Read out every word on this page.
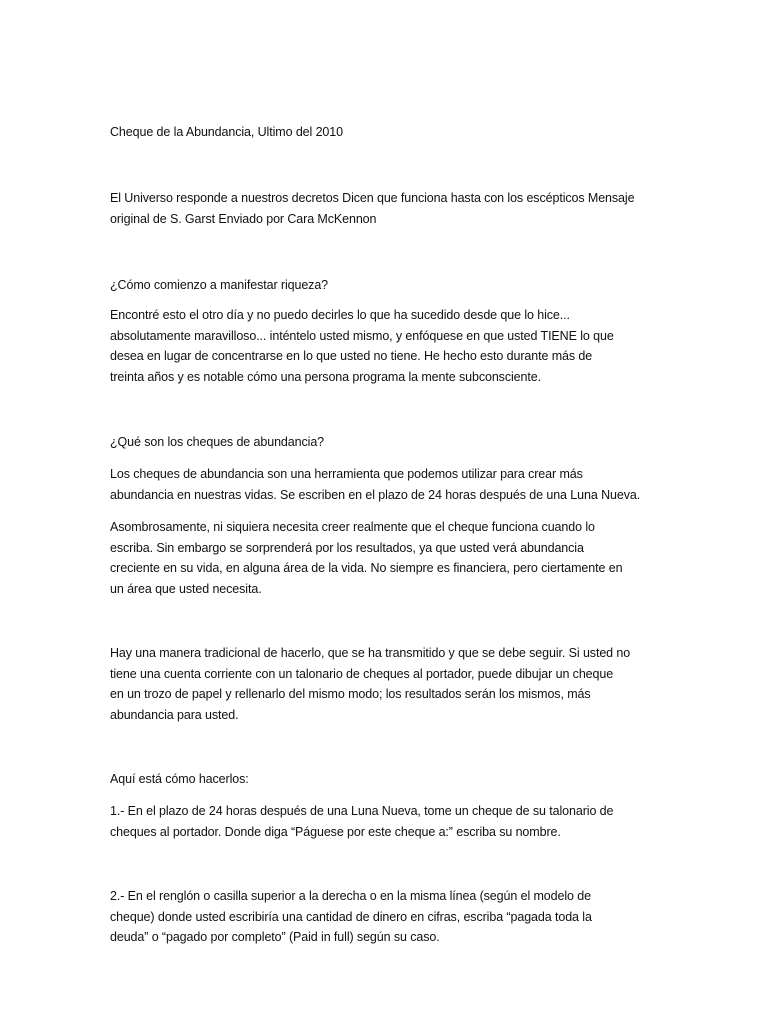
Cheque de la Abundancia, Ultimo del 2010
El Universo responde a nuestros decretos Dicen que funciona hasta con los escépticos Mensaje
original de S. Garst Enviado por Cara McKennon
¿Cómo comienzo a manifestar riqueza?
Encontré esto el otro día y no puedo decirles lo que ha sucedido desde que lo hice...
absolutamente maravilloso... inténtelo usted mismo, y enfóquese en que usted TIENE lo que
desea en lugar de concentrarse en lo que usted no tiene. He hecho esto durante más de
treinta años y es notable cómo una persona programa la mente subconsciente.
¿Qué son los cheques de abundancia?
Los cheques de abundancia son una herramienta que podemos utilizar para crear más
abundancia en nuestras vidas. Se escriben en el plazo de 24 horas después de una Luna Nueva.
Asombrosamente, ni siquiera necesita creer realmente que el cheque funciona cuando lo
escriba. Sin embargo se sorprenderá por los resultados, ya que usted verá abundancia
creciente en su vida, en alguna área de la vida. No siempre es financiera, pero ciertamente en
un área que usted necesita.
Hay una manera tradicional de hacerlo, que se ha transmitido y que se debe seguir. Si usted no
tiene una cuenta corriente con un talonario de cheques al portador, puede dibujar un cheque
en un trozo de papel y rellenarlo del mismo modo; los resultados serán los mismos, más
abundancia para usted.
Aquí está cómo hacerlos:
1.- En el plazo de 24 horas después de una Luna Nueva, tome un cheque de su talonario de
cheques al portador. Donde diga “Páguese por este cheque a:” escriba su nombre.
2.- En el renglón o casilla superior a la derecha o en la misma línea (según el modelo de
cheque) donde usted escribiría una cantidad de dinero en cifras, escriba “pagada toda la
deuda” o “pagado por completo” (Paid in full) según su caso.
